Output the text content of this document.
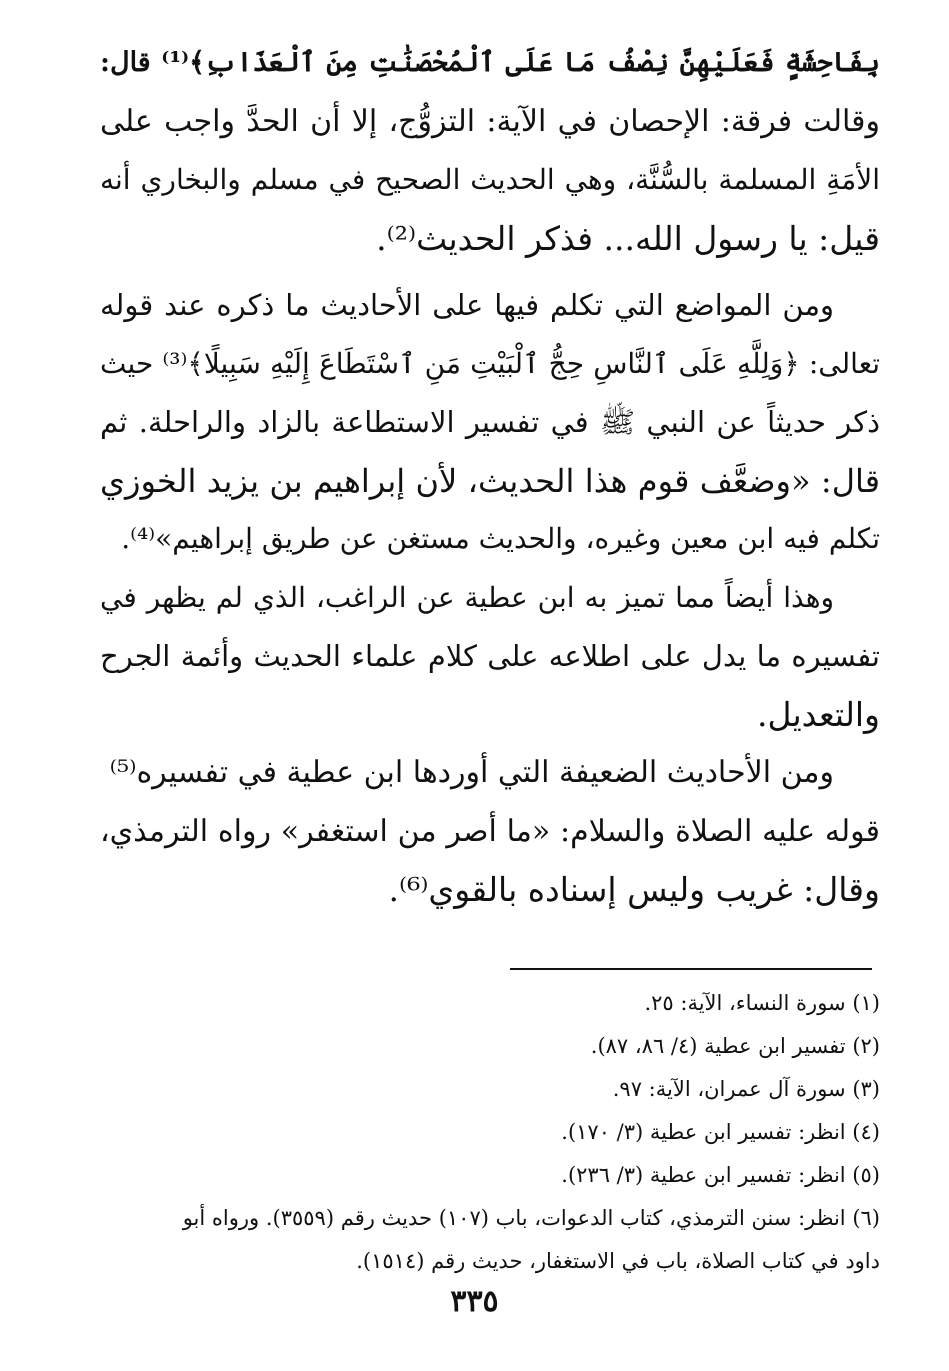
بِفَاحِشَةٍ فَعَلَيْهِنَّ نِصْفُ مَا عَلَى ٱلْمُحْصَنَٰتِ مِنَ ٱلْعَذَابِ﴾⁽¹⁾ قال:
وقالت فرقة: الإحصان في الآية: التزوُّج، إلا أن الحدَّ واجب على
الأمَةِ المسلمة بالسُّنَّة، وهي الحديث الصحيح في مسلم والبخاري أنه
قيل: يا رسول الله... فذكر الحديث⁽²⁾.
ومن المواضع التي تكلم فيها على الأحاديث ما ذكره عند قوله
تعالى: ﴿وَلِلَّهِ عَلَى ٱلنَّاسِ حِجُّ ٱلْبَيْتِ مَنِ ٱسْتَطَاعَ إِلَيْهِ سَبِيلًا﴾⁽³⁾ حيث
ذكر حديثاً عن النبي ﷺ في تفسير الاستطاعة بالزاد والراحلة. ثم
قال: «وضعَّف قوم هذا الحديث، لأن إبراهيم بن يزيد الخوزي
تكلم فيه ابن معين وغيره، والحديث مستغن عن طريق إبراهيم»⁽⁴⁾.
وهذا أيضاً مما تميز به ابن عطية عن الراغب، الذي لم يظهر في
تفسيره ما يدل على اطلاعه على كلام علماء الحديث وأئمة الجرح
والتعديل.
ومن الأحاديث الضعيفة التي أوردها ابن عطية في تفسيره⁽⁵⁾
قوله عليه الصلاة والسلام: «ما أصر من استغفر» رواه الترمذي،
وقال: غريب وليس إسناده بالقوي⁽⁶⁾.
(١) سورة النساء، الآية: ٢٥.
(٢) تفسير ابن عطية (٤/ ٨٦، ٨٧).
(٣) سورة آل عمران، الآية: ٩٧.
(٤) انظر: تفسير ابن عطية (٣/ ١٧٠).
(٥) انظر: تفسير ابن عطية (٣/ ٢٣٦).
(٦) انظر: سنن الترمذي، كتاب الدعوات، باب (١٠٧) حديث رقم (٣٥٥٩). ورواه أبو
داود في كتاب الصلاة، باب في الاستغفار، حديث رقم (١٥١٤).
٣٣٥
